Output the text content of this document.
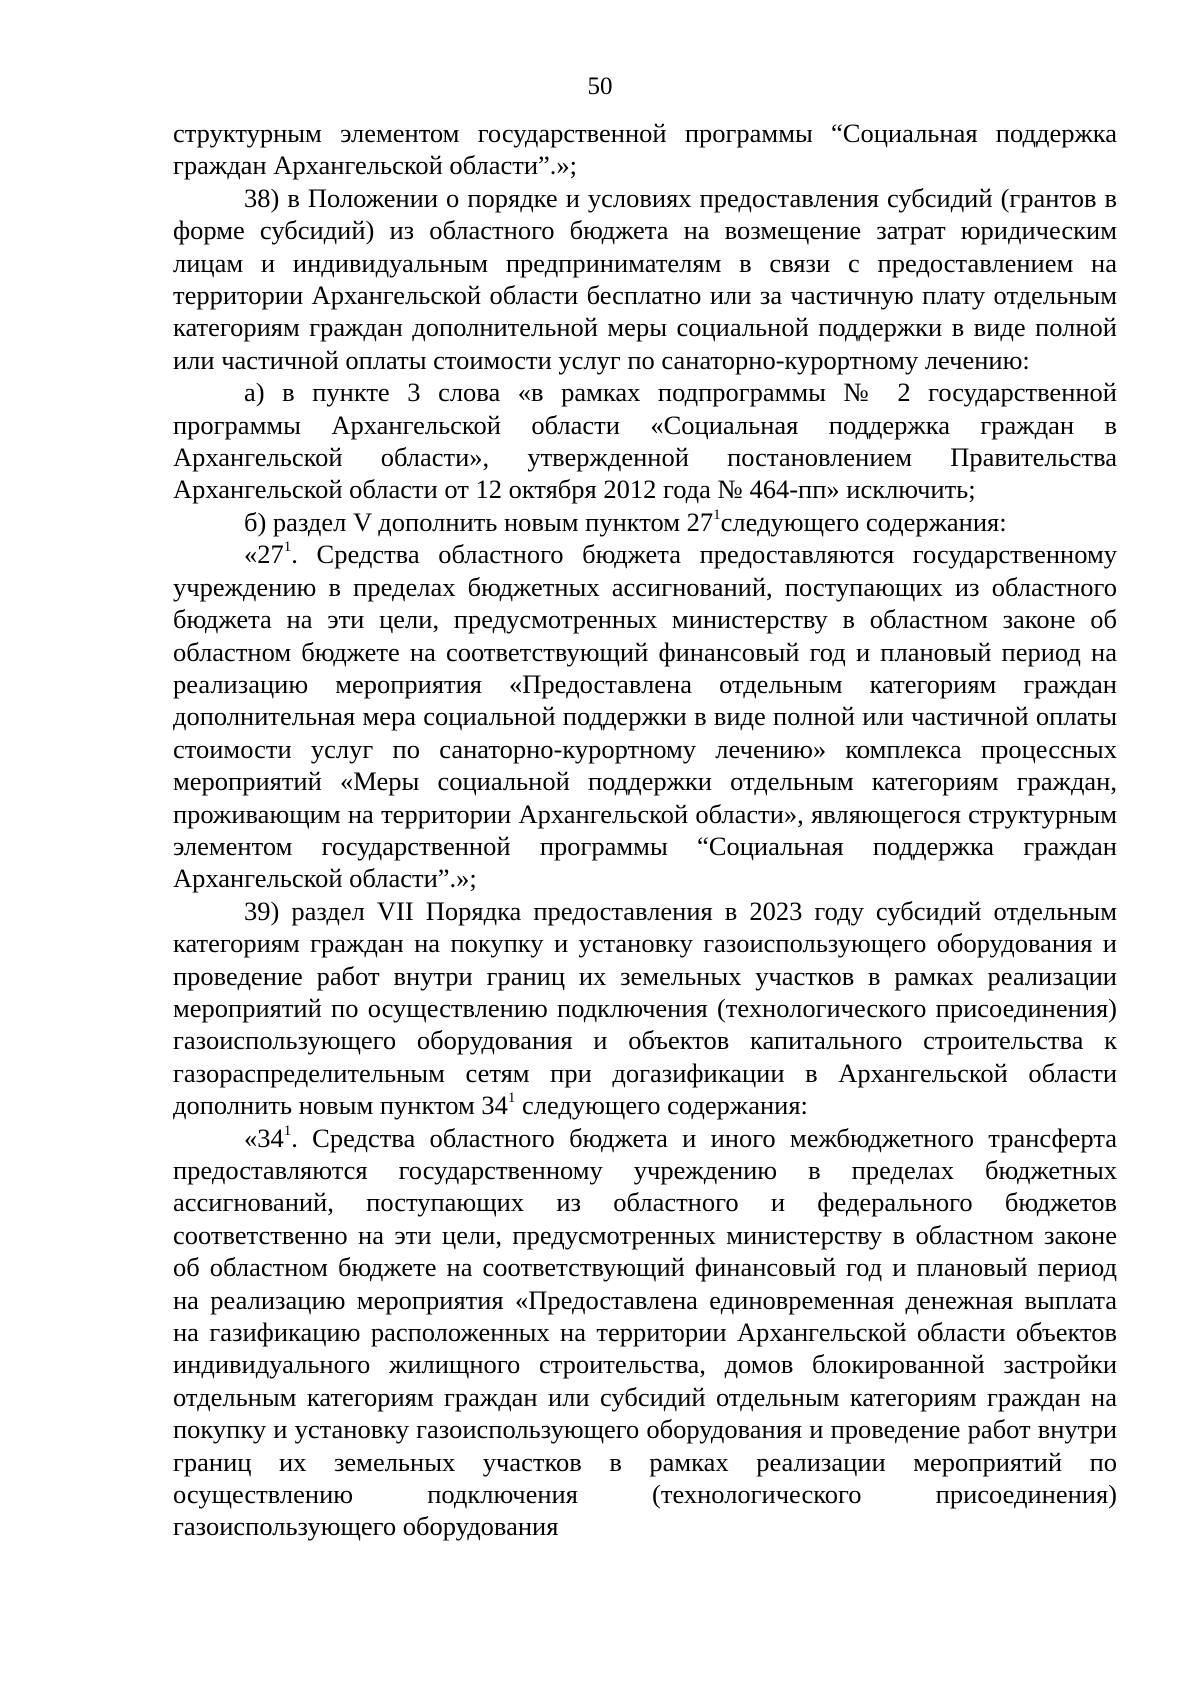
50

структурным элементом государственной программы “Социальная поддержка граждан Архангельской области”.»;

38) в Положении о порядке и условиях предоставления субсидий (грантов в форме субсидий) из областного бюджета на возмещение затрат юридическим лицам и индивидуальным предпринимателям в связи с предоставлением на территории Архангельской области бесплатно или за частичную плату отдельным категориям граждан дополнительной меры социальной поддержки в виде полной или частичной оплаты стоимости услуг по санаторно-курортному лечению:

а) в пункте 3 слова «в рамках подпрограммы № 2 государственной программы Архангельской области «Социальная поддержка граждан в Архангельской области», утвержденной постановлением Правительства Архангельской области от 12 октября 2012 года № 464-пп» исключить;

б) раздел V дополнить новым пунктом $27^1следующего$ содержания:

«$27^1$. Средства областного бюджета предоставляются государственному учреждению в пределах бюджетных ассигнований, поступающих из областного бюджета на эти цели, предусмотренных министерству в областном законе об областном бюджете на соответствующий финансовый год и плановый период на реализацию мероприятия «Предоставлена отдельным категориям граждан дополнительная мера социальной поддержки в виде полной или частичной оплаты стоимости услуг по санаторно-курортному лечению» комплекса процессных мероприятий «Меры социальной поддержки отдельным категориям граждан, проживающим на территории Архангельской области», являющегося структурным элементом государственной программы “Социальная поддержка граждан Архангельской области”.»;

39) раздел VII Порядка предоставления в 2023 году субсидий отдельным категориям граждан на покупку и установку газоиспользующего оборудования и проведение работ внутри границ их земельных участков в рамках реализации мероприятий по осуществлению подключения (технологического присоединения) газоиспользующего оборудования и объектов капитального строительства к газораспределительным сетям при догазификации в Архангельской области дополнить новым пунктом $34^1$ следующего содержания:

«$34^1$. Средства областного бюджета и иного межбюджетного трансферта предоставляются государственному учреждению в пределах бюджетных ассигнований, поступающих из областного и федерального бюджетов соответственно на эти цели, предусмотренных министерству в областном законе об областном бюджете на соответствующий финансовый год и плановый период на реализацию мероприятия «Предоставлена единовременная денежная выплата на газификацию расположенных на территории Архангельской области объектов индивидуального жилищного строительства, домов блокированной застройки отдельным категориям граждан или субсидий отдельным категориям граждан на покупку и установку газоиспользующего оборудования и проведение работ внутри границ их земельных участков в рамках реализации мероприятий по осуществлению подключения (технологического присоединения) газоиспользующего оборудования
